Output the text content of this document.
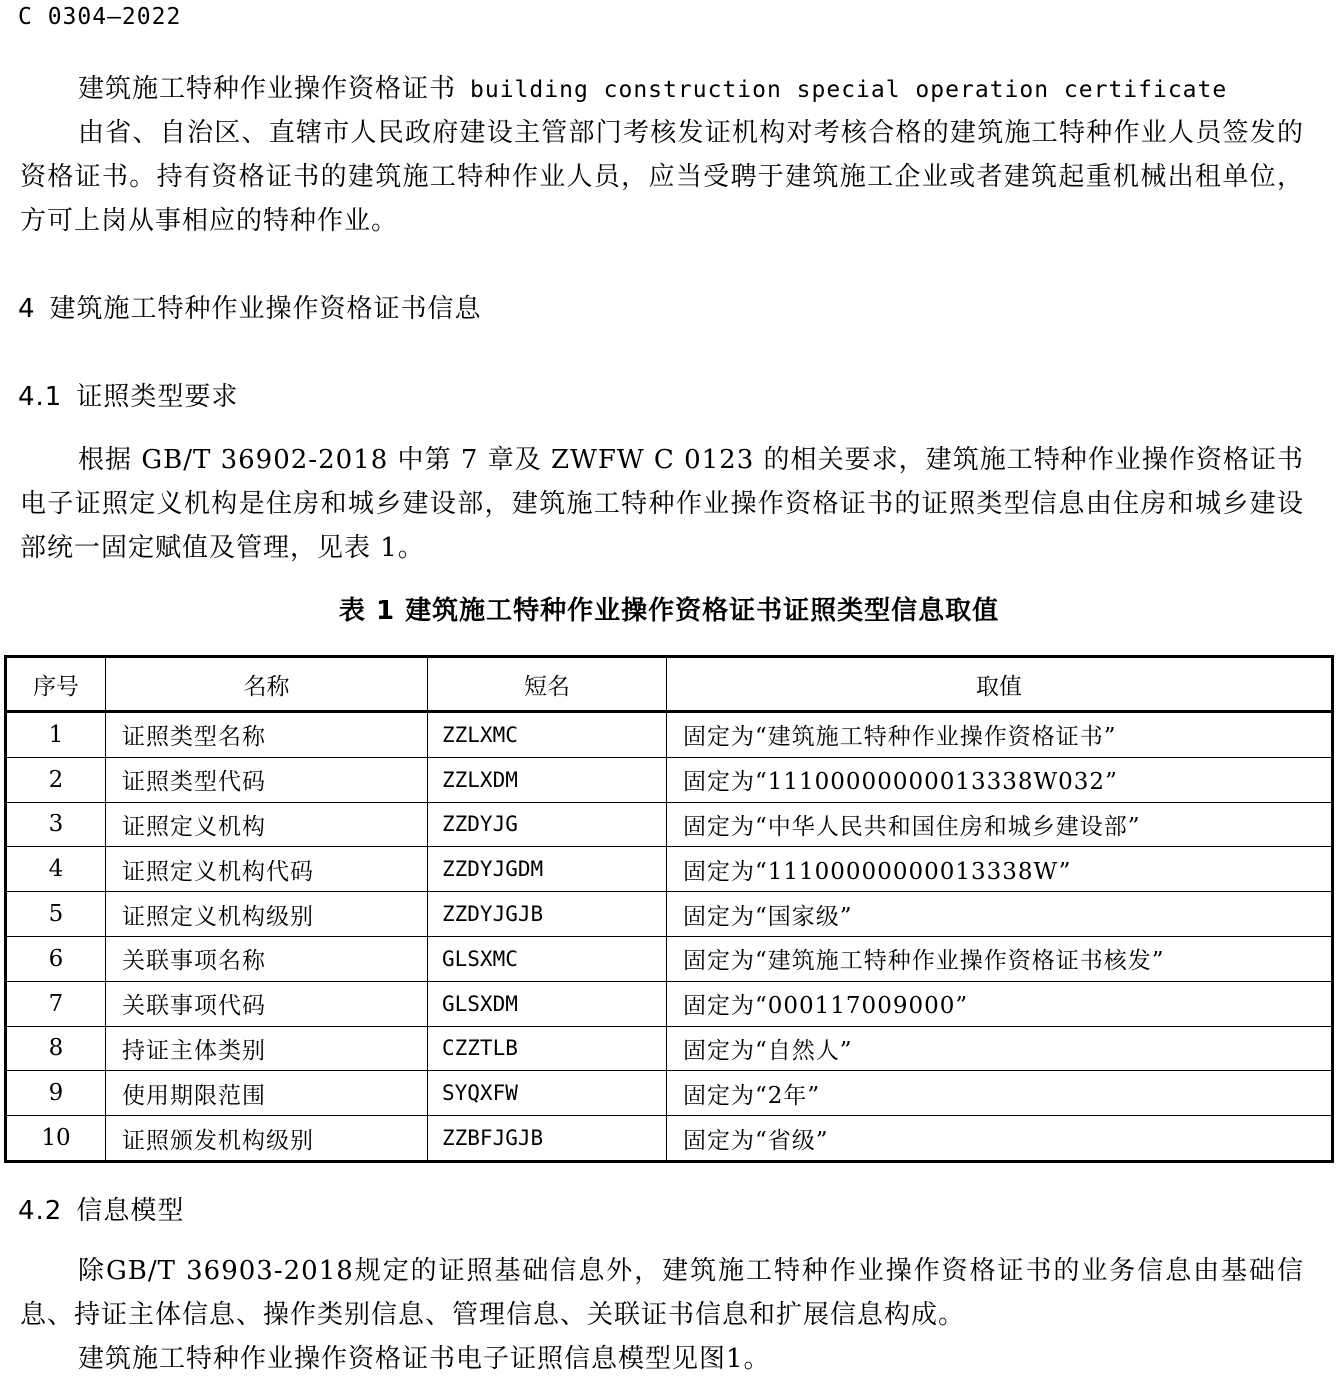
C 0304—2022
建筑施工特种作业操作资格证书 building construction special operation certificate
由省、自治区、直辖市人民政府建设主管部门考核发证机构对考核合格的建筑施工特种作业人员签发的资格证书。持有资格证书的建筑施工特种作业人员，应当受聘于建筑施工企业或者建筑起重机械出租单位，方可上岗从事相应的特种作业。
4 建筑施工特种作业操作资格证书信息
4.1 证照类型要求
根据 GB/T 36902-2018 中第 7 章及 ZWFW C 0123 的相关要求，建筑施工特种作业操作资格证书电子证照定义机构是住房和城乡建设部，建筑施工特种作业操作资格证书的证照类型信息由住房和城乡建设部统一固定赋值及管理，见表 1。
表 1 建筑施工特种作业操作资格证书证照类型信息取值
序号	名称	短名	取值
1	证照类型名称	ZZLXMC	固定为“建筑施工特种作业操作资格证书”
2	证照类型代码	ZZLXDM	固定为“11100000000013338W032”
3	证照定义机构	ZZDYJG	固定为“中华人民共和国住房和城乡建设部”
4	证照定义机构代码	ZZDYJGDM	固定为“11100000000013338W”
5	证照定义机构级别	ZZDYJGJB	固定为“国家级”
6	关联事项名称	GLSXMC	固定为“建筑施工特种作业操作资格证书核发”
7	关联事项代码	GLSXDM	固定为“000117009000”
8	持证主体类别	CZZTLB	固定为“自然人”
9	使用期限范围	SYQXFW	固定为“2年”
10	证照颁发机构级别	ZZBFJGJB	固定为“省级”
4.2 信息模型
除GB/T 36903-2018规定的证照基础信息外，建筑施工特种作业操作资格证书的业务信息由基础信息、持证主体信息、操作类别信息、管理信息、关联证书信息和扩展信息构成。
建筑施工特种作业操作资格证书电子证照信息模型见图1。
